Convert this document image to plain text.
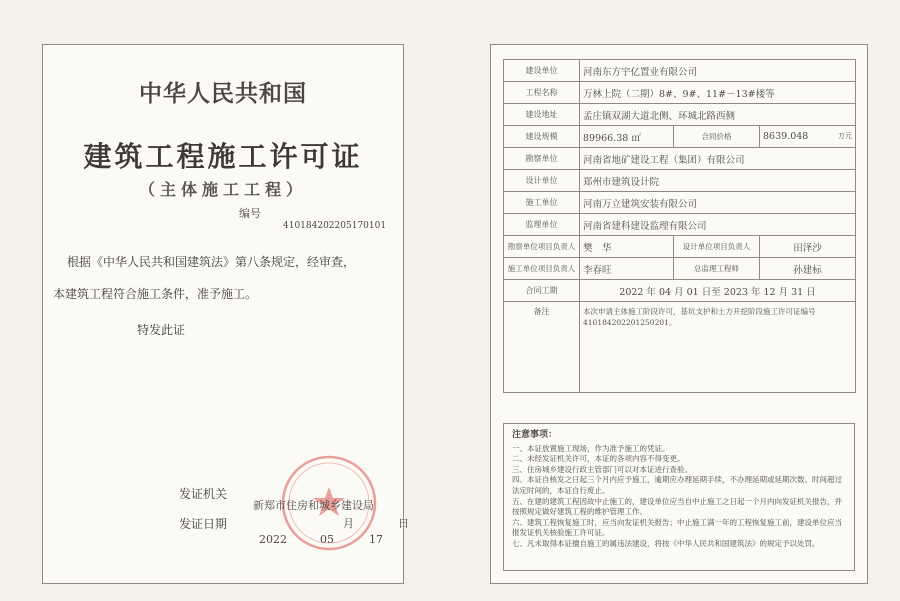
中华人民共和国
建筑工程施工许可证
（主体施工工程）
编号
410184202205170101
根据《中华人民共和国建筑法》第八条规定，经审查，
本建筑工程符合施工条件，准予施工。
特发此证
发证机关
新郑市住房和城乡建设局
发证日期
2022
月
05	17
日
建设单位	河南东方宇亿置业有限公司		
工程名称	万林上院（二期）8#、9#、11#－13#楼等		
建设地址	孟庄镇双湖大道北侧、环城北路西侧		
建设规模	89966.38 ㎡	合同价格	8639.048 万元

勘察单位	河南省地矿建设工程（集团）有限公司		
设计单位	郑州市建筑设计院		
施工单位	河南万立建筑安装有限公司		
监理单位	河南省建科建设监理有限公司		
勘察单位项目负责人	樊　华	设计单位项目负责人	田泽沙
施工单位项目负责人	李春旺	总监理工程师	孙建标
合同工期	2022 年 04 月 01 日至 2023 年 12 月 31 日		
备注	本次申请主体施工阶段许可，基坑支护和土方开挖阶段施工许可证编号 410184202201250201。		
注意事项：

一、本证放置施工现场，作为准予施工的凭证。

二、未经发证机关许可，本证的各项内容不得变更。

三、住房城乡建设行政主管部门可以对本证进行查验。

四、本证自核发之日起三个月内应予施工，逾期应办理延期手续，不办理延期或延期次数、时间超过法定时间的，本证自行废止。

五、在建的建筑工程因故中止施工的，建设单位应当自中止施工之日起一个月内向发证机关报告，并按照规定做好建筑工程的维护管理工作。

六、建筑工程恢复施工时，应当向发证机关报告；中止施工满一年的工程恢复施工前，建设单位应当报发证机关核验施工许可证。

七、凡未取得本证擅自施工的属违法建设，将按《中华人民共和国建筑法》的规定予以处罚。
